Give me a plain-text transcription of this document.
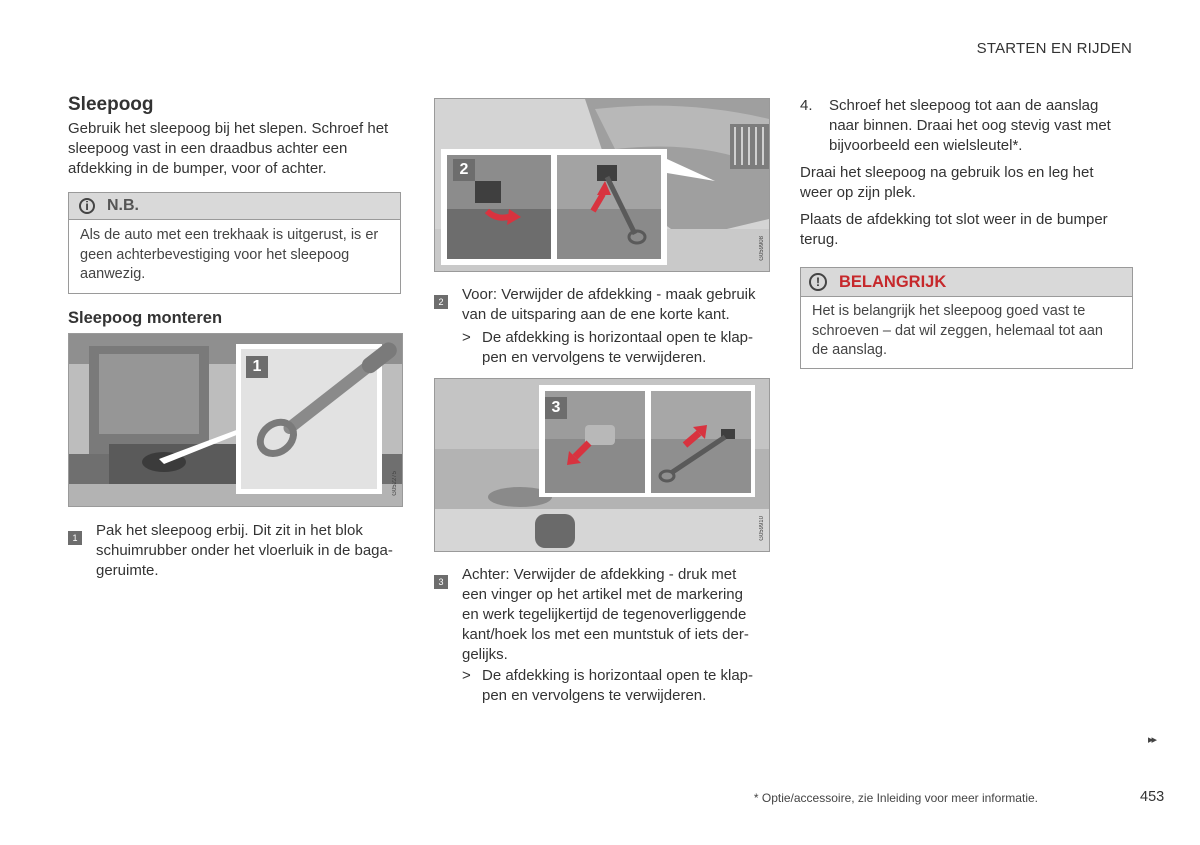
STARTEN EN RIJDEN
Sleepoog
Gebruik het sleepoog bij het slepen. Schroef het sleepoog vast in een draadbus achter een afdekking in de bumper, voor of achter.
i	N.B.
Als de auto met een trekhaak is uitgerust, is er geen achterbevestiging voor het sleepoog aanwezig.
Sleepoog monteren
1
G052275
1	Pak het sleepoog erbij. Dit zit in het blok
schuimrubber onder het vloerluik in de baga-
geruimte.
2
G059908
2	Voor: Verwijder de afdekking - maak gebruik
van de uitsparing aan de ene korte kant.
> De afdekking is horizontaal open te klap-
pen en vervolgens te verwijderen.
3
G059910
3	Achter: Verwijder de afdekking - druk met
een vinger op het artikel met de markering
en werk tegelijkertijd de tegenoverliggende
kant/hoek los met een muntstuk of iets der-
gelijks.
> De afdekking is horizontaal open te klap-
pen en vervolgens te verwijderen.
4.	Schroef het sleepoog tot aan de aanslag
naar binnen. Draai het oog stevig vast met
bijvoorbeeld een wielsleutel*.
Draai het sleepoog na gebruik los en leg het
weer op zijn plek.
Plaats de afdekking tot slot weer in de bumper
terug.
!	BELANGRIJK
Het is belangrijk het sleepoog goed vast te
schroeven – dat wil zeggen, helemaal tot aan
de aanslag.
▸▸
* Optie/accessoire, zie Inleiding voor meer informatie.	453
